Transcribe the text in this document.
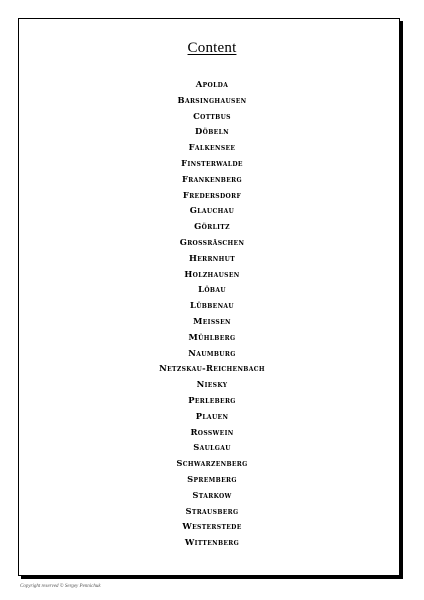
Content
Apolda
Barsinghausen
Cottbus
Döbeln
Falkensee
Finsterwalde
Frankenberg
Fredersdorf
Glauchau
Görlitz
Grossräschen
Herrnhut
Holzhausen
Löbau
Lübbenau
Meissen
Mühlberg
Naumburg
Netzskau-Reichenbach
Niesky
Perleberg
Plauen
Rosswein
Saulgau
Schwarzenberg
Spremberg
Starkow
Strausberg
Westerstede
Wittenberg
Copyright reserved © Sergey Pennichuk
